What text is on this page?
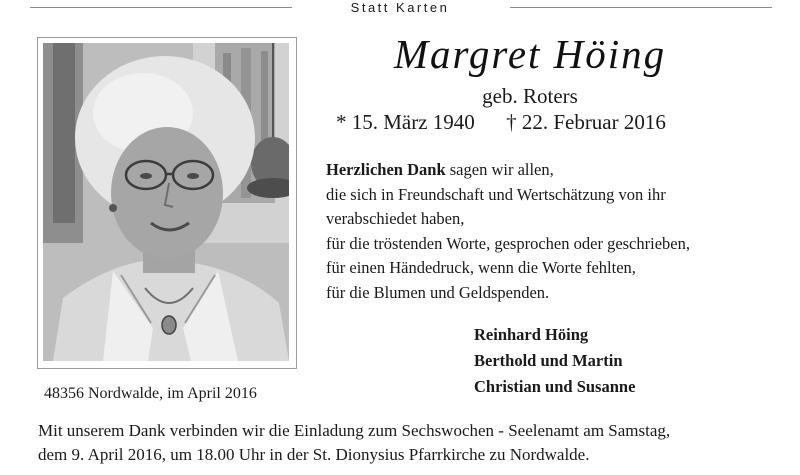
Statt Karten
Margret Höing
geb. Roters
* 15. März 1940 † 22. Februar 2016

Herzlichen Dank sagen wir allen,

die sich in Freundschaft und Wertschätzung von ihr

verabschiedet haben,

für die tröstenden Worte, gesprochen oder geschrieben,

für einen Händedruck, wenn die Worte fehlten,

für die Blumen und Geldspenden.

Reinhard Höing
Berthold und Martin
Christian und Susanne
48356 Nordwalde, im April 2016
Mit unserem Dank verbinden wir die Einladung zum Sechswochen - Seelenamt am Samstag,
dem 9. April 2016, um 18.00 Uhr in der St. Dionysius Pfarrkirche zu Nordwalde.
